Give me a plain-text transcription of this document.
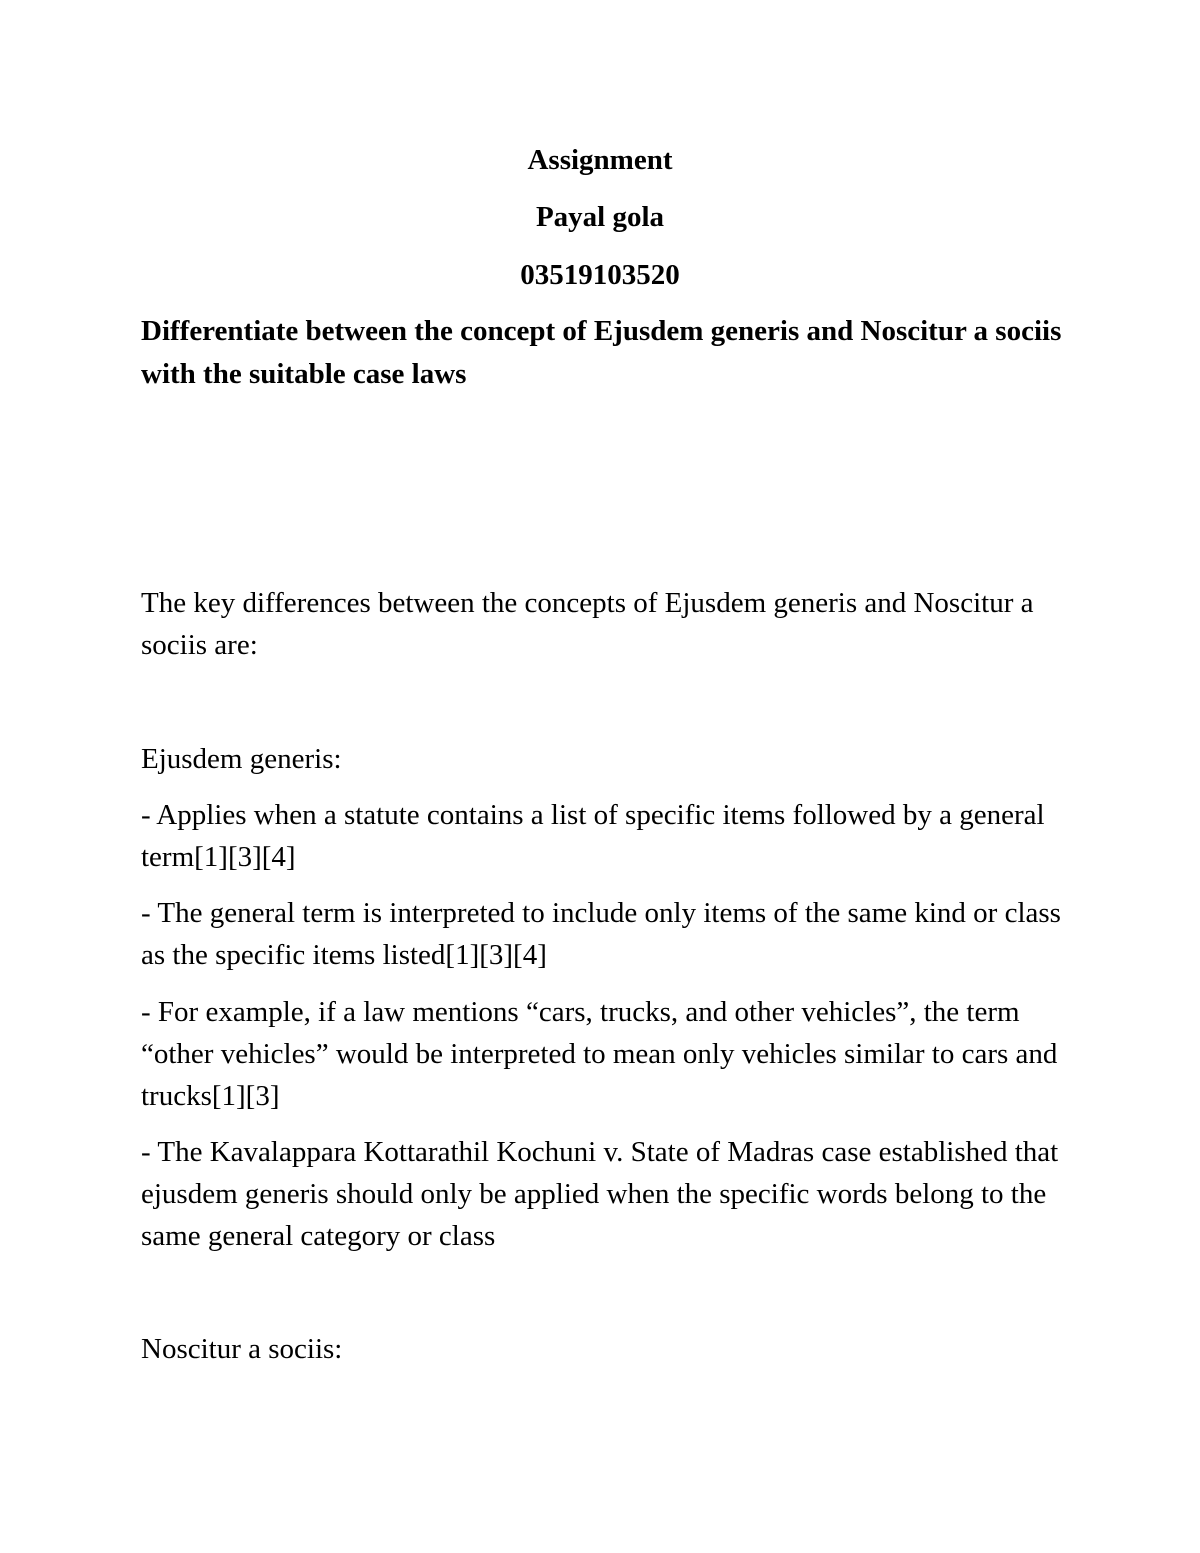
Assignment

Payal gola

03519103520

Differentiate between the concept of Ejusdem generis and Noscitur a sociis with the suitable case laws

The key differences between the concepts of Ejusdem generis and Noscitur a sociis are:

Ejusdem generis:

- Applies when a statute contains a list of specific items followed by a general term[1][3][4]

- The general term is interpreted to include only items of the same kind or class as the specific items listed[1][3][4]

- For example, if a law mentions “cars, trucks, and other vehicles”, the term “other vehicles” would be interpreted to mean only vehicles similar to cars and trucks[1][3]

- The Kavalappara Kottarathil Kochuni v. State of Madras case established that ejusdem generis should only be applied when the specific words belong to the same general category or class

Noscitur a sociis:
